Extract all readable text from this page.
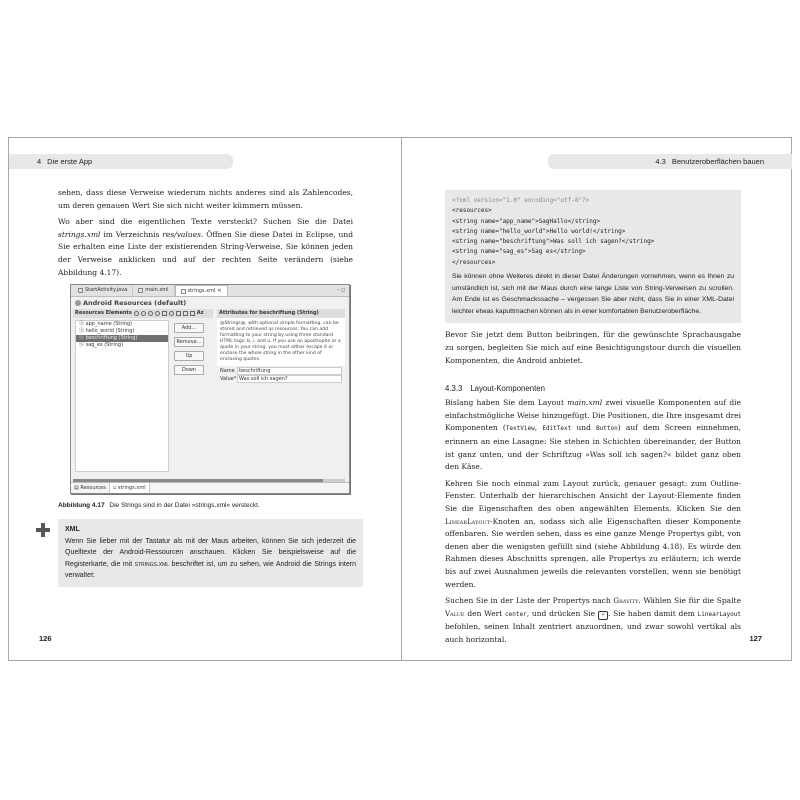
4 Die erste App

sehen, dass diese Verweise wiederum nichts anderes sind als Zahlencodes, um deren genauen Wert Sie sich nicht weiter kümmern müssen.

Wo aber sind die eigentlichen Texte versteckt? Suchen Sie die Datei strings.xml im Verzeichnis res/values. Öffnen Sie diese Datei in Eclipse, und Sie erhalten eine Liste der existierenden String-Verweise. Sie können jeden der Verweise anklicken und auf der rechten Seite verändern (siehe Abbildung 4.17).

StartActivity.java	main.xml	strings.xml ✕	– ◻
Android Resources (default)
Resources Elements	Az
Ⓢ app_name (String)
Ⓢ hello_world (String)
Ⓢ beschriftung (String)
Ⓢ sag_es (String)
Add...
Remove...
Up
Down
Attributes for beschriftung (String)
@Strings@, with optional simple formatting, can be stored and retrieved as resources. You can add formatting to your string by using three standard HTML tags: b, i, and u. If you use an apostrophe or a quote in your string, you must either escape it or enclose the whole string in the other kind of enclosing quotes.
Name beschriftung
Value* Was soll ich sagen?
▤ Resources	▫ strings.xml
Abbildung 4.17 Die Strings sind in der Datei »strings.xml« versteckt.
XML
Wenn Sie lieber mit der Tastatur als mit der Maus arbeiten, können Sie sich jederzeit die Quelltexte der Android-Ressourcen anschauen. Klicken Sie beispielsweise auf die Registerkarte, die mit strings.xml beschriftet ist, um zu sehen, wie Android die Strings intern verwaltet:
126
4.3 Benutzeroberflächen bauen
<?xml version="1.0" encoding="utf-8"?>
<resources>
<string name="app_name">SagHallo</string>
<string name="hello_world">Hello world!</string>
<string name="beschriftung">Was soll ich sagen?</string>
<string name="sag_es">Sag es</string>
</resources>
Sie können ohne Weiteres direkt in dieser Datei Änderungen vornehmen, wenn es Ihnen zu umständlich ist, sich mit der Maus durch eine lange Liste von String-Verweisen zu scrollen. Am Ende ist es Geschmackssache – vergessen Sie aber nicht, dass Sie in einer XML-Datei leichter etwas kaputtmachen können als in einer komfortablen Benutzeroberfläche.

Bevor Sie jetzt dem Button beibringen, für die gewünschte Sprachausgabe zu sorgen, begleiten Sie mich auf eine Besichtigungstour durch die visuellen Komponenten, die Android anbietet.

4.3.3 Layout-Komponenten

Bislang haben Sie dem Layout main.xml zwei visuelle Komponenten auf die einfachstmögliche Weise hinzugefügt. Die Positionen, die Ihre insgesamt drei Komponenten (TextView, EditText und Button) auf dem Screen einnehmen, erinnern an eine Lasagne: Sie stehen in Schichten übereinander, der Button ist ganz unten, und der Schriftzug »Was soll ich sagen?« bildet ganz oben den Käse.

Kehren Sie noch einmal zum Layout zurück, genauer gesagt: zum Outline-Fenster. Unterhalb der hierarchischen Ansicht der Layout-Elemente finden Sie die Eigenschaften des oben angewählten Elements. Klicken Sie den LinearLayout-Knoten an, sodass sich alle Eigenschaften dieser Komponente offenbaren. Sie werden sehen, dass es eine ganze Menge Propertys gibt, von denen aber die wenigsten gefüllt sind (siehe Abbildung 4.18). Es würde den Rahmen dieses Abschnitts sprengen, alle Propertys zu erläutern; ich werde bis auf zwei Ausnahmen jeweils die relevanten vorstellen, wenn sie benötigt werden.

Suchen Sie in der Liste der Propertys nach Gravity. Wählen Sie für die Spalte Value den Wert center, und drücken Sie ↵ . Sie haben damit dem LinearLayout befohlen, seinen Inhalt zentriert anzuordnen, und zwar sowohl vertikal als auch horizontal.	127
